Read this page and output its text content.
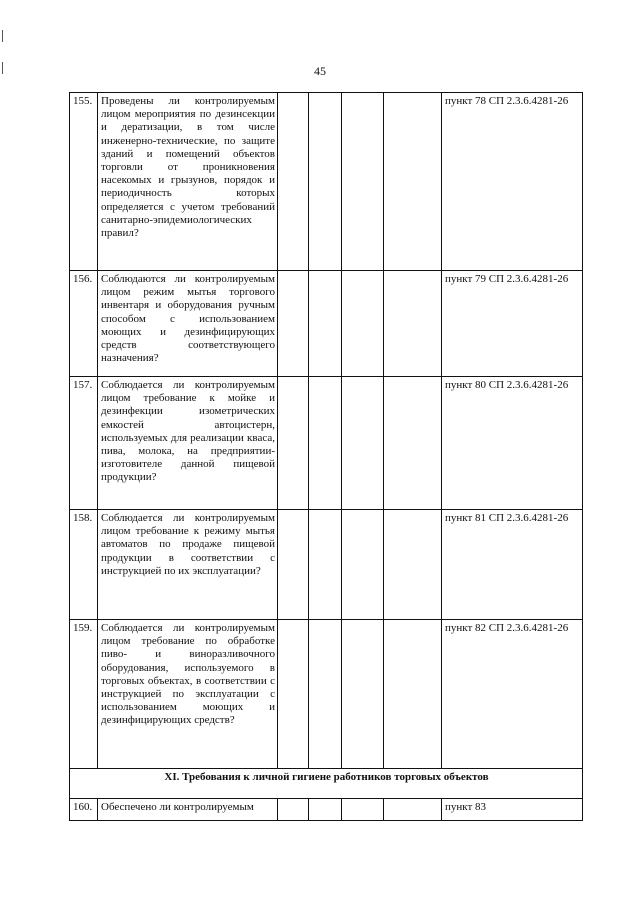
45
155.	Проведены ли контролируемым лицом мероприятия по дезинсекции и дератизации, в том числе инженерно-технические, по защите зданий и помещений объектов торговли от проникновения насекомых и грызунов, порядок и периодичность которых определяется с учетом требований санитарно-эпидемиологических правил?					пункт 78 СП 2.3.6.4281-26
156.	Соблюдаются ли контролируемым лицом режим мытья торгового инвентаря и оборудования ручным способом с использованием моющих и дезинфицирующих средств соответствующего назначения?					пункт 79 СП 2.3.6.4281-26
157.	Соблюдается ли контролируемым лицом требование к мойке и дезинфекции изометрических емкостей автоцистерн, используемых для реализации кваса, пива, молока, на предприятии- изготовителе данной пищевой продукции?					пункт 80 СП 2.3.6.4281-26
158.	Соблюдается ли контролируемым лицом требование к режиму мытья автоматов по продаже пищевой продукции в соответствии с инструкцией по их эксплуатации?					пункт 81 СП 2.3.6.4281-26
159.	Соблюдается ли контролируемым лицом требование по обработке пиво- и виноразливочного оборудования, используемого в торговых объектах, в соответствии с инструкцией по эксплуатации с использованием моющих и дезинфицирующих средств?					пункт 82 СП 2.3.6.4281-26
XI. Требования к личной гигиене работников торговых объектов						
160.	Обеспечено ли контролируемым					пункт 83
